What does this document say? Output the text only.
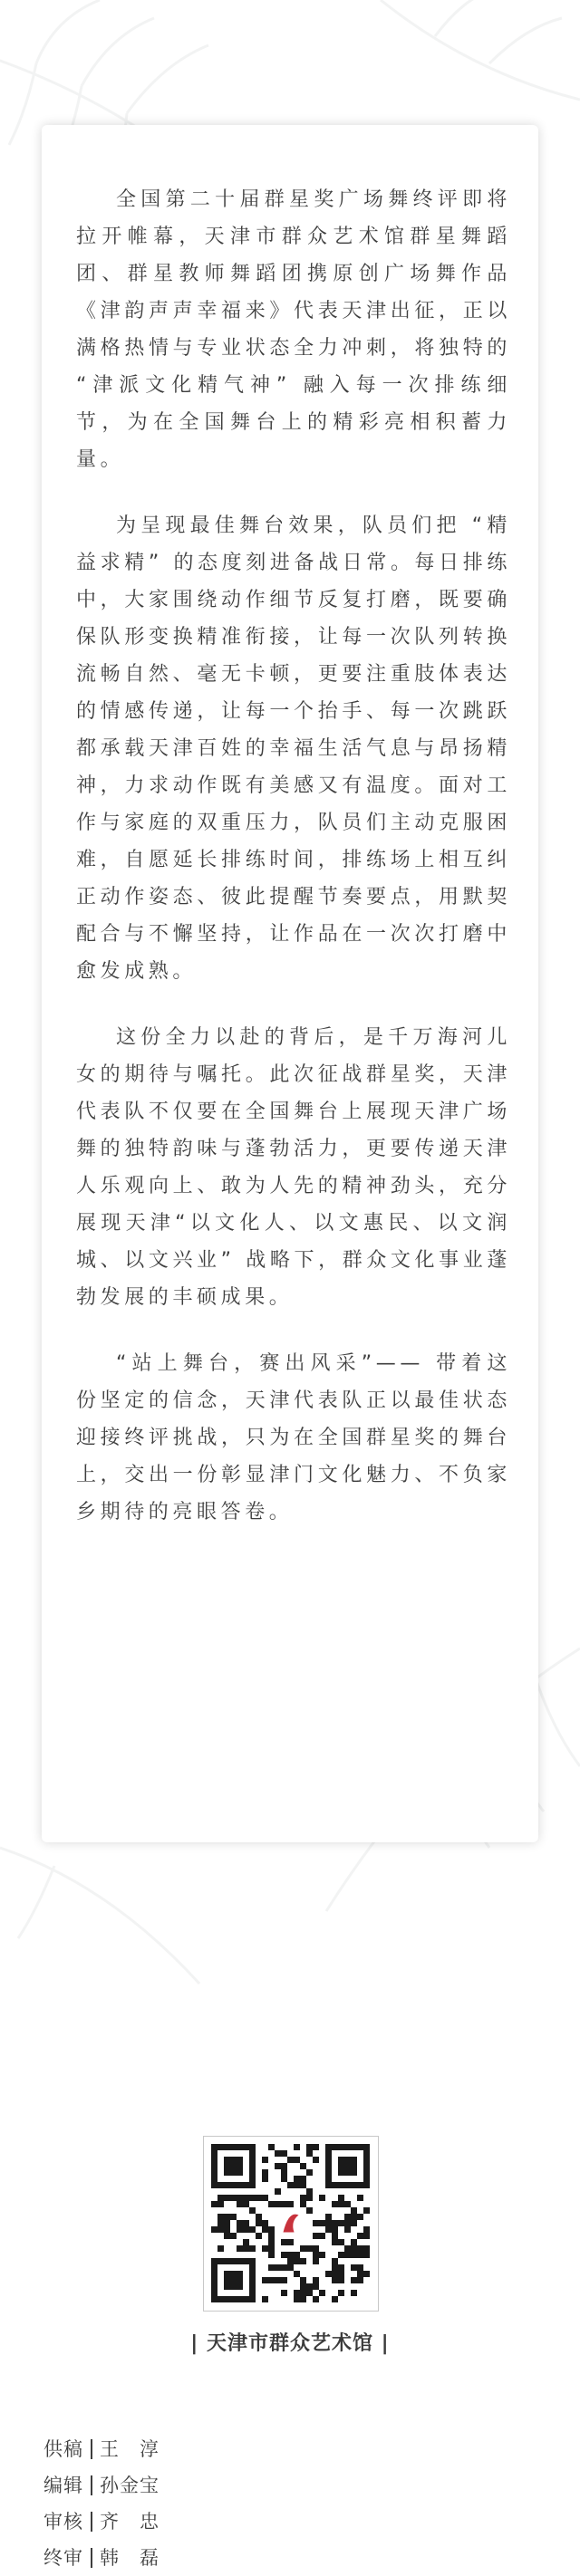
全国第二十届群星奖广场舞终评即将拉开帷幕，天津市群众艺术馆群星舞蹈团、群星教师舞蹈团携原创广场舞作品《津韵声声幸福来》代表天津出征，正以满格热情与专业状态全力冲刺，将独特的 “津派文化精气神” 融入每一次排练细节，为在全国舞台上的精彩亮相积蓄力量。

为呈现最佳舞台效果，队员们把 “精益求精” 的态度刻进备战日常。每日排练中，大家围绕动作细节反复打磨，既要确保队形变换精准衔接，让每一次队列转换流畅自然、毫无卡顿，更要注重肢体表达的情感传递，让每一个抬手、每一次跳跃都承载天津百姓的幸福生活气息与昂扬精神，力求动作既有美感又有温度。面对工作与家庭的双重压力，队员们主动克服困难，自愿延长排练时间，排练场上相互纠正动作姿态、彼此提醒节奏要点，用默契配合与不懈坚持，让作品在一次次打磨中愈发成熟。

这份全力以赴的背后，是千万海河儿女的期待与嘱托。此次征战群星奖，天津代表队不仅要在全国舞台上展现天津广场舞的独特韵味与蓬勃活力，更要传递天津人乐观向上、敢为人先的精神劲头，充分展现天津“以文化人、以文惠民、以文润城、以文兴业” 战略下，群众文化事业蓬勃发展的丰硕成果。

“站上舞台，赛出风采”—— 带着这份坚定的信念，天津代表队正以最佳状态迎接终评挑战，只为在全国群星奖的舞台上，交出一份彰显津门文化魅力、不负家乡期待的亮眼答卷。

| 天津市群众艺术馆 |
供稿 王　淳
编辑 孙金宝
审核 齐　忠
终审 韩　磊
